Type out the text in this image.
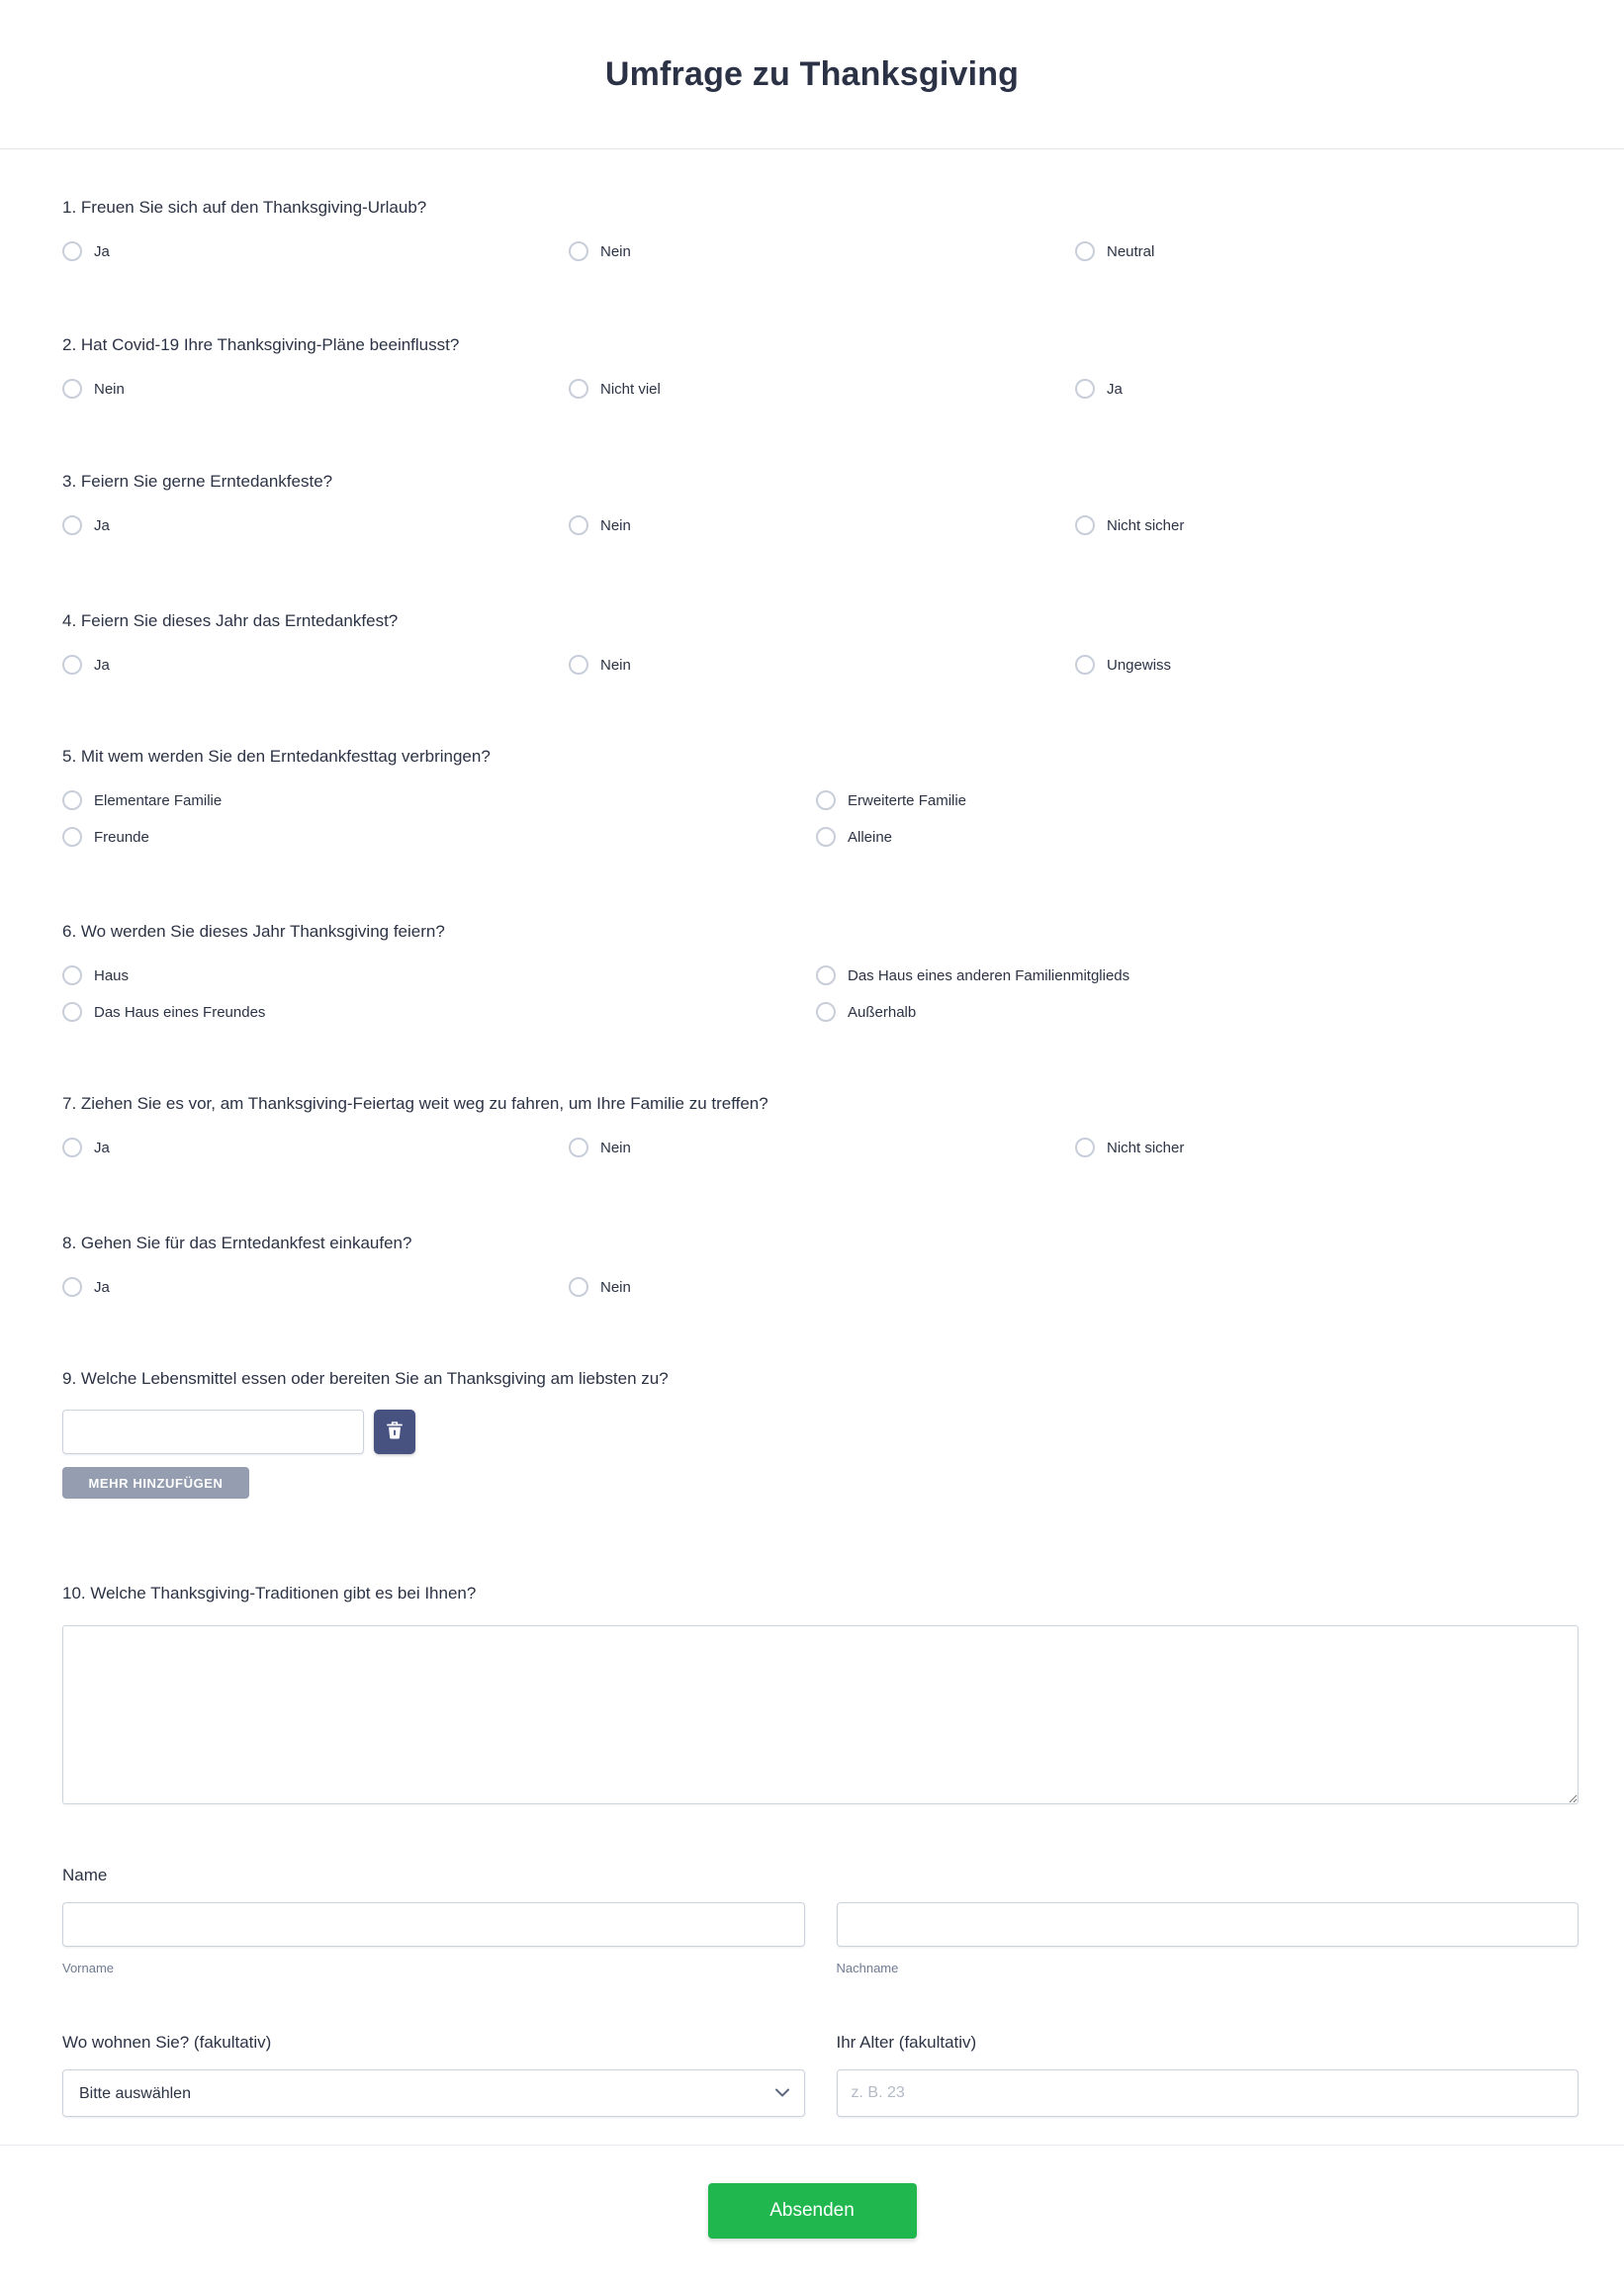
Umfrage zu Thanksgiving
1. Freuen Sie sich auf den Thanksgiving-Urlaub?
Ja	Nein	Neutral
2. Hat Covid-19 Ihre Thanksgiving-Pläne beeinflusst?
Nein	Nicht viel	Ja
3. Feiern Sie gerne Erntedankfeste?
Ja	Nein	Nicht sicher
4. Feiern Sie dieses Jahr das Erntedankfest?
Ja	Nein	Ungewiss
5. Mit wem werden Sie den Erntedankfesttag verbringen?
Elementare Familie	Erweiterte Familie
Freunde	Alleine
6. Wo werden Sie dieses Jahr Thanksgiving feiern?
Haus	Das Haus eines anderen Familienmitglieds
Das Haus eines Freundes	Außerhalb
7. Ziehen Sie es vor, am Thanksgiving-Feiertag weit weg zu fahren, um Ihre Familie zu treffen?
Ja	Nein	Nicht sicher
8. Gehen Sie für das Erntedankfest einkaufen?
Ja	Nein
9. Welche Lebensmittel essen oder bereiten Sie an Thanksgiving am liebsten zu?
MEHR HINZUFÜGEN
10. Welche Thanksgiving-Traditionen gibt es bei Ihnen?
Name
Vorname	Nachname
Wo wohnen Sie? (fakultativ)	Ihr Alter (fakultativ)
Bitte auswählen
z. B. 23
Absenden
